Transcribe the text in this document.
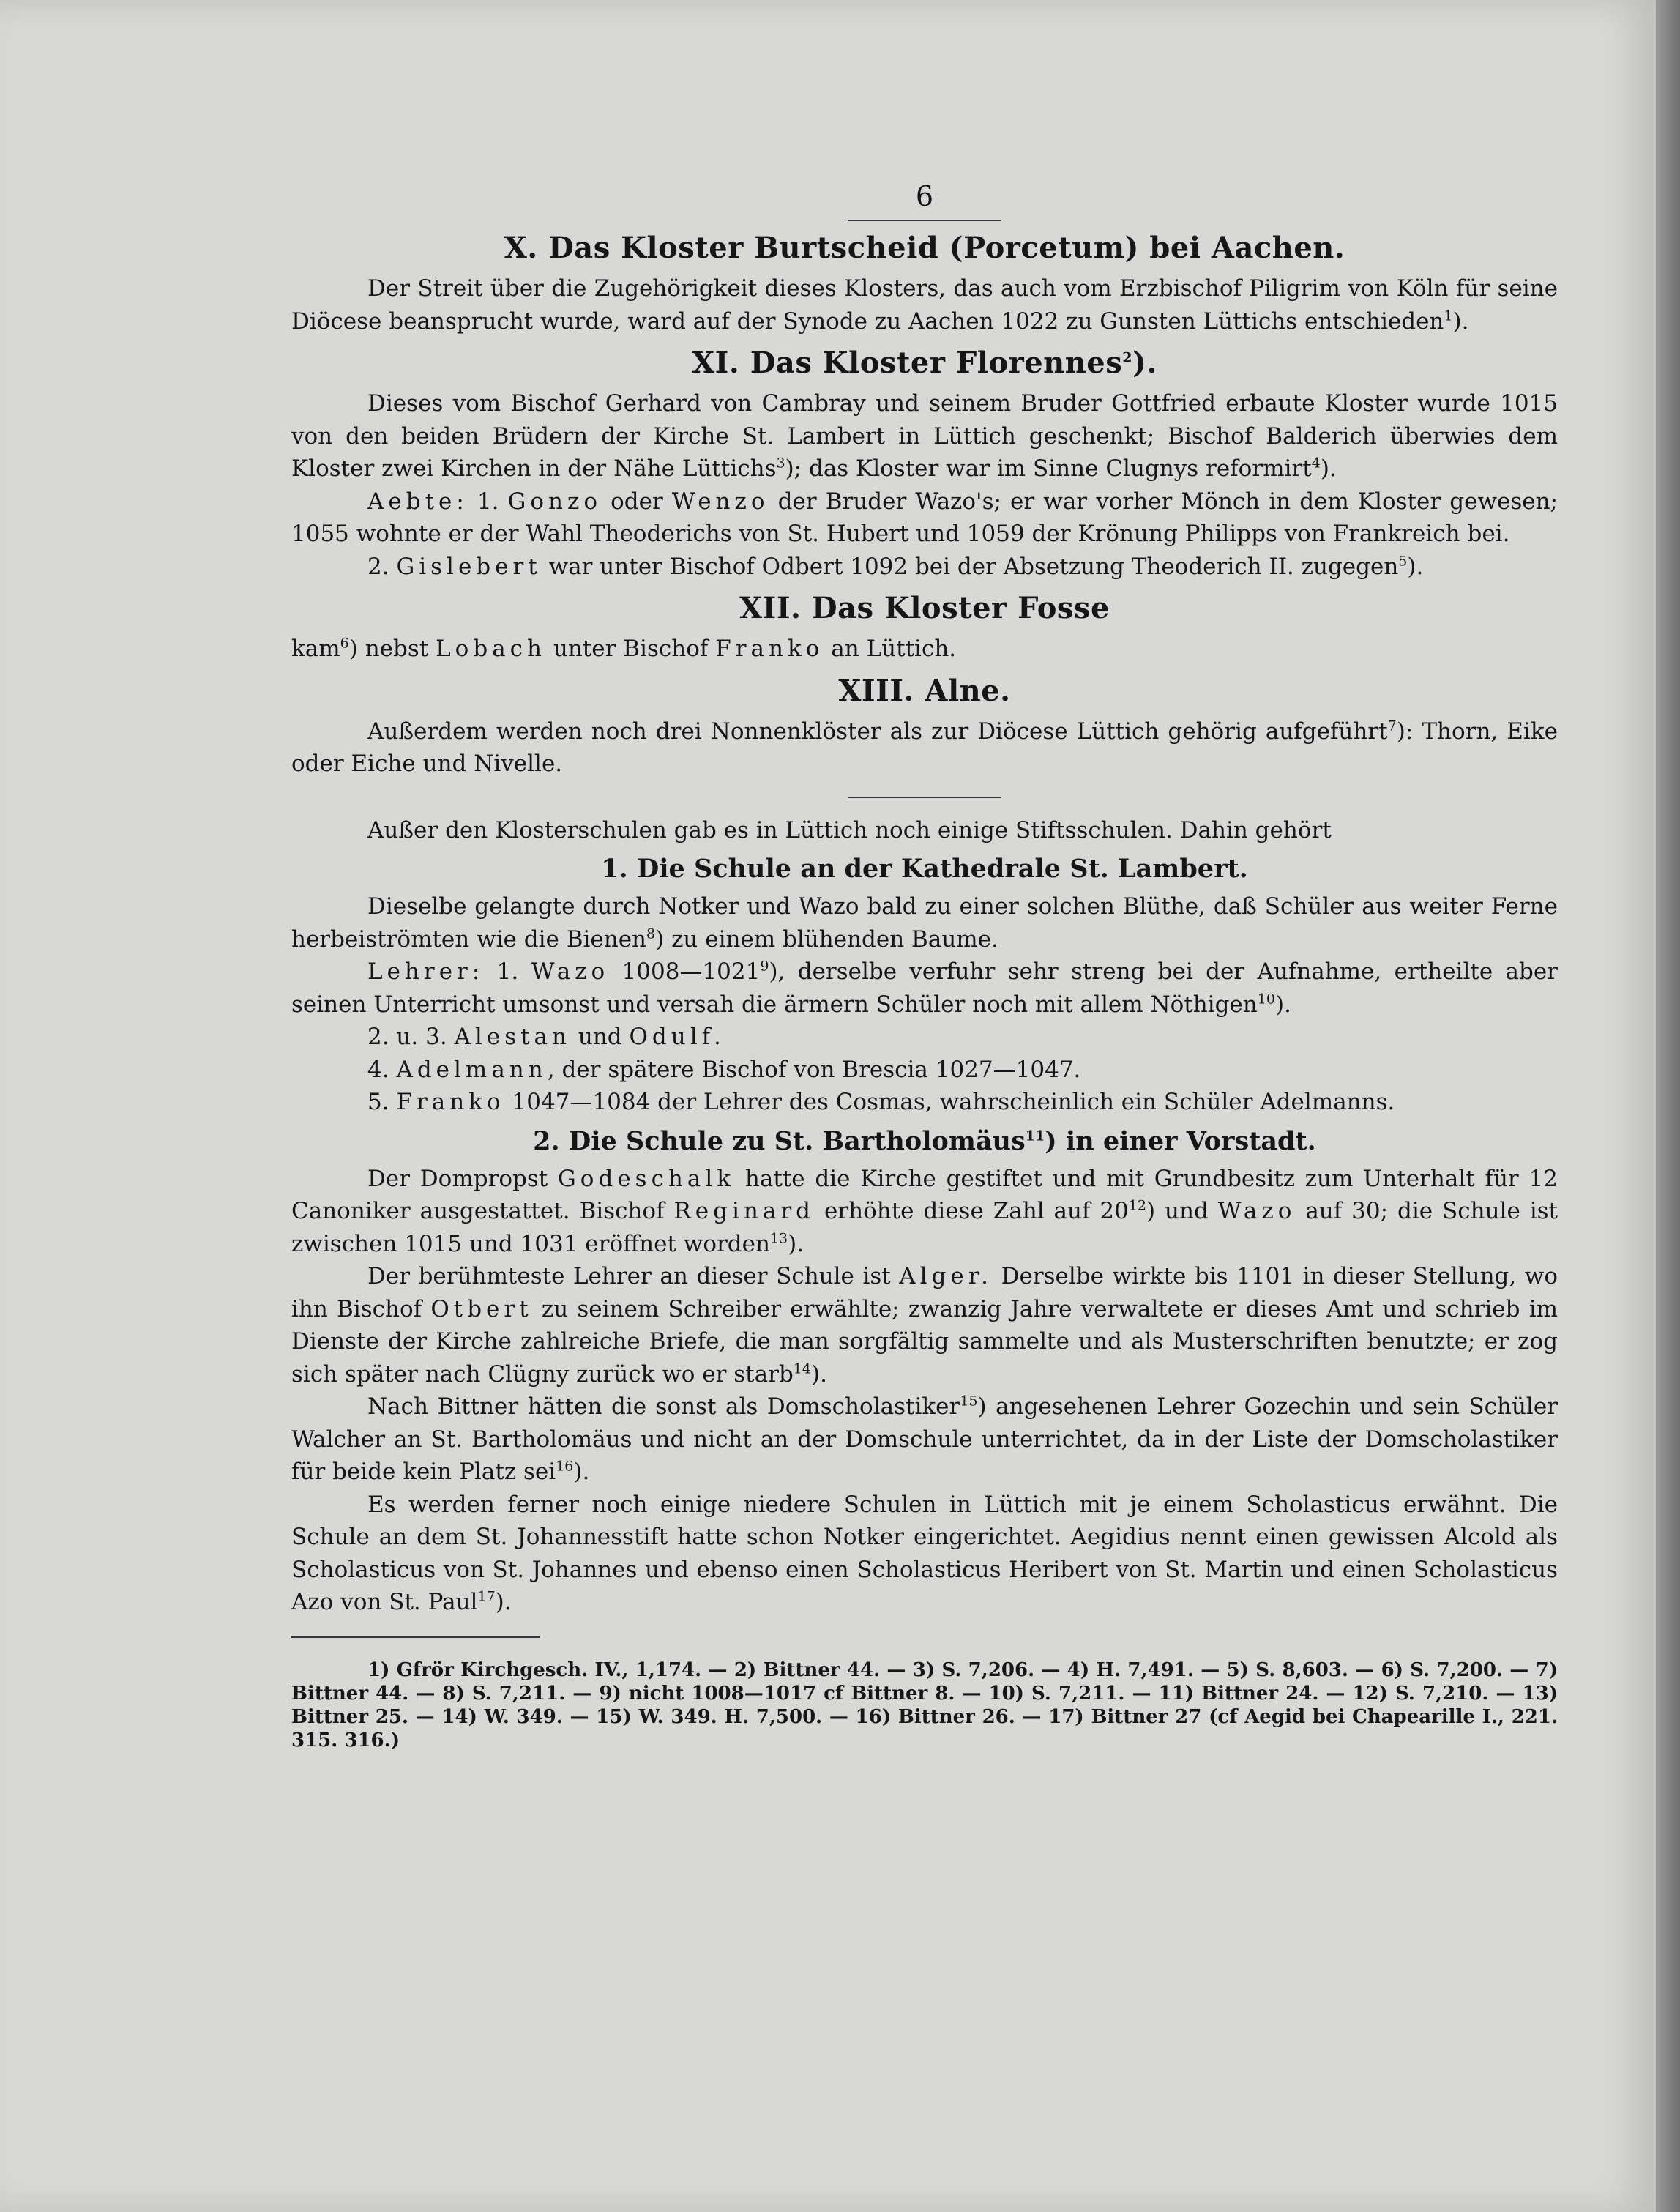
6
X. Das Kloster Burtscheid (Porcetum) bei Aachen.

Der Streit über die Zugehörigkeit dieses Klosters, das auch vom Erzbischof Piligrim von Köln für seine Diöcese beansprucht wurde, ward auf der Synode zu Aachen 1022 zu Gunsten Lüttichs entschieden$^1$).

XI. Das Kloster Florennes$^2$).

Dieses vom Bischof Gerhard von Cambray und seinem Bruder Gottfried erbaute Kloster wurde 1015 von den beiden Brüdern der Kirche St. Lambert in Lüttich geschenkt; Bischof Balderich überwies dem Kloster zwei Kirchen in der Nähe Lüttichs$^3$); das Kloster war im Sinne Clugnys reformirt$^4$).

Aebte: 1. Gonzo oder Wenzo der Bruder Wazo's; er war vorher Mönch in dem Kloster gewesen; 1055 wohnte er der Wahl Theoderichs von St. Hubert und 1059 der Krönung Philipps von Frankreich bei.

2. Gislebert war unter Bischof Odbert 1092 bei der Absetzung Theoderich II. zugegen$^5$).

XII. Das Kloster Fosse

kam$^6$) nebst Lobach unter Bischof Franko an Lüttich.

XIII. Alne.

Außerdem werden noch drei Nonnenklöster als zur Diöcese Lüttich gehörig aufgeführt$^7$): Thorn, Eike oder Eiche und Nivelle.

Außer den Klosterschulen gab es in Lüttich noch einige Stiftsschulen. Dahin gehört

1. Die Schule an der Kathedrale St. Lambert.

Dieselbe gelangte durch Notker und Wazo bald zu einer solchen Blüthe, daß Schüler aus weiter Ferne herbeiströmten wie die Bienen$^8$) zu einem blühenden Baume.

Lehrer: 1. Wazo 1008—1021$^9$), derselbe verfuhr sehr streng bei der Aufnahme, ertheilte aber seinen Unterricht umsonst und versah die ärmern Schüler noch mit allem Nöthigen$^{10}$).

2. u. 3. Alestan und Odulf.

4. Adelmann, der spätere Bischof von Brescia 1027—1047.

5. Franko 1047—1084 der Lehrer des Cosmas, wahrscheinlich ein Schüler Adelmanns.

2. Die Schule zu St. Bartholomäus$^{11}$) in einer Vorstadt.

Der Dompropst Godeschalk hatte die Kirche gestiftet und mit Grundbesitz zum Unterhalt für 12 Canoniker ausgestattet. Bischof Reginard erhöhte diese Zahl auf $20^{12}$) und Wazo auf 30; die Schule ist zwischen 1015 und 1031 eröffnet worden$^{13}$).

Der berühmteste Lehrer an dieser Schule ist Alger. Derselbe wirkte bis 1101 in dieser Stellung, wo ihn Bischof Otbert zu seinem Schreiber erwählte; zwanzig Jahre verwaltete er dieses Amt und schrieb im Dienste der Kirche zahlreiche Briefe, die man sorgfältig sammelte und als Musterschriften benutzte; er zog sich später nach Clügny zurück wo er starb$^{14}$).

Nach Bittner hätten die sonst als Domscholastiker$^{15}$) angesehenen Lehrer Gozechin und sein Schüler Walcher an St. Bartholomäus und nicht an der Domschule unterrichtet, da in der Liste der Domscholastiker für beide kein Platz sei$^{16}$).

Es werden ferner noch einige niedere Schulen in Lüttich mit je einem Scholasticus erwähnt. Die Schule an dem St. Johannesstift hatte schon Notker eingerichtet. Aegidius nennt einen gewissen Alcold als Scholasticus von St. Johannes und ebenso einen Scholasticus Heribert von St. Martin und einen Scholasticus Azo von St. Paul$^{17}$).

1) Gfrör Kirchgesch. IV., 1,174. — 2) Bittner 44. — 3) S. 7,206. — 4) H. 7,491. — 5) S. 8,603. — 6) S. 7,200. — 7) Bittner 44. — 8) S. 7,211. — 9) nicht 1008—1017 cf Bittner 8. — 10) S. 7,211. — 11) Bittner 24. — 12) S. 7,210. — 13) Bittner 25. — 14) W. 349. — 15) W. 349. H. 7,500. — 16) Bittner 26. — 17) Bittner 27 (cf Aegid bei Chapearille I., 221. 315. 316.)
